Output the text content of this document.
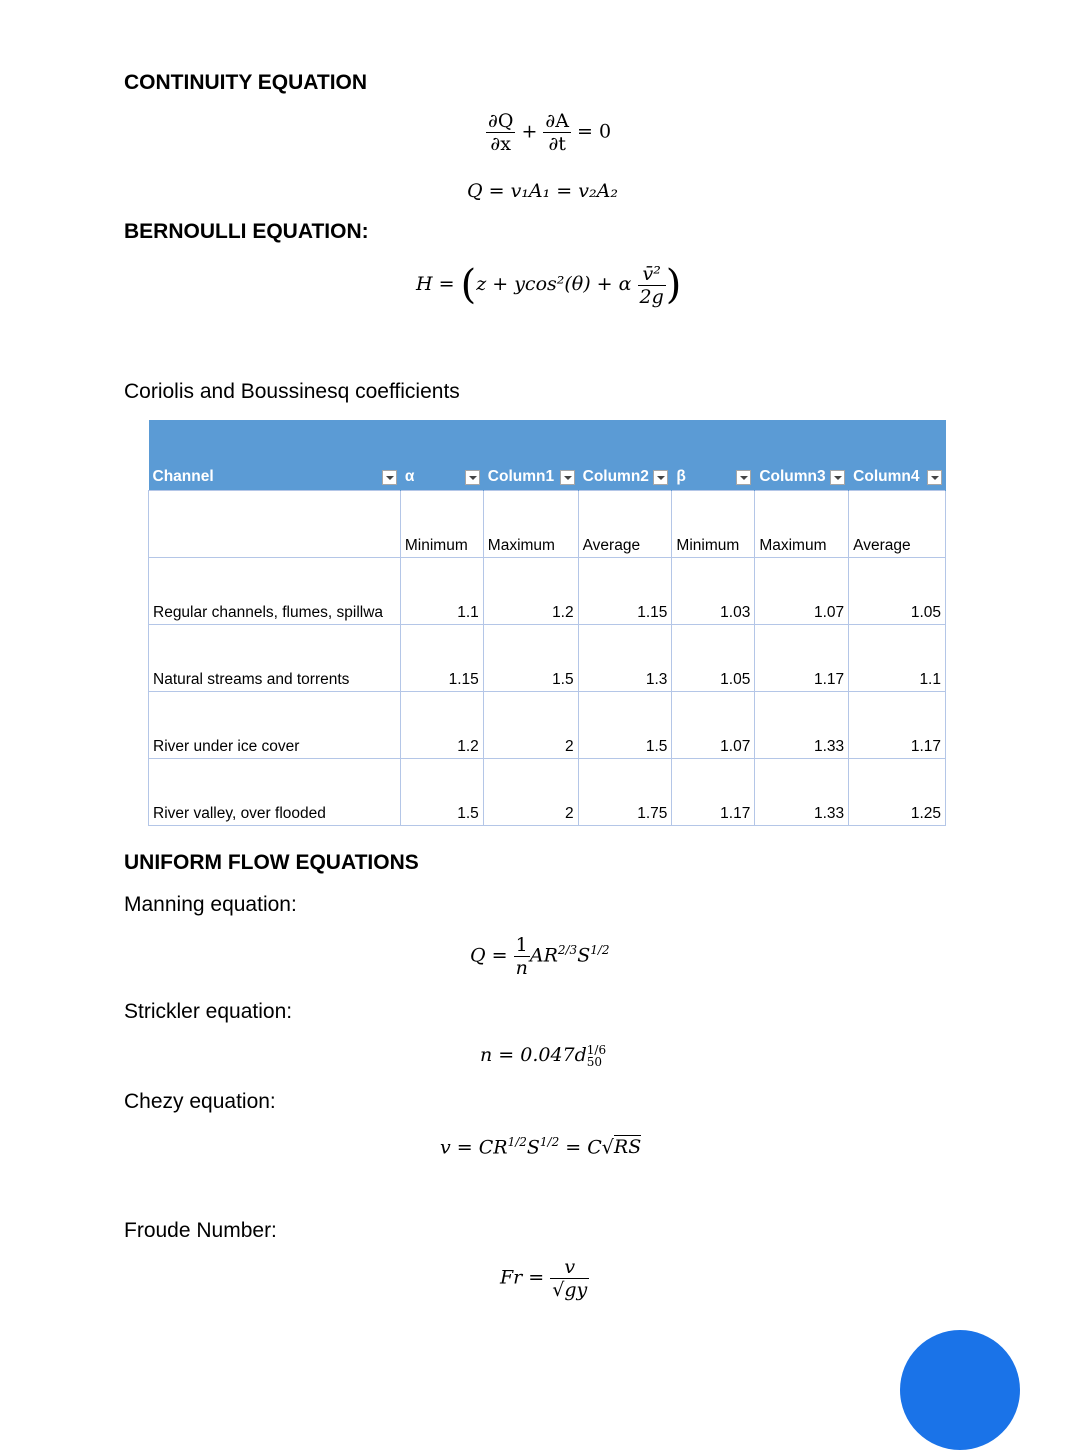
CONTINUITY EQUATION
$\frac{\partial Q}{\partial x} + \frac{\partial A}{\partial t} = 0$
Q = v₁A₁ = v₂A₂
BERNOULLI EQUATION:
H = (z + ycos²(θ) + α $\frac{\text{v̄²}}{2g}$ )
Coriolis and Boussinesq coefficients
Channel	α	Column1	Column2	β	Column3	Column4

	Minimum	Maximum	Average	Minimum	Maximum	Average
Regular channels, flumes, spillwa	1.1	1.2	1.15	1.03	1.07	1.05
Natural streams and torrents	1.15	1.5	1.3	1.05	1.17	1.1
River under ice cover	1.2	2	1.5	1.07	1.33	1.17
River valley, over flooded	1.5	2	1.75	1.17	1.33	1.25
UNIFORM FLOW EQUATIONS
Manning equation:
$Q = \frac{1}{n} AR^{2/3}S^{1/2}$
Strickler equation:
n = 0.047d 1/6
50
Chezy equation:
$v = CR^{1/2}S^{1/2} = C√RS$
Froude Number:
$Fr = \frac{v}{√gy}$
